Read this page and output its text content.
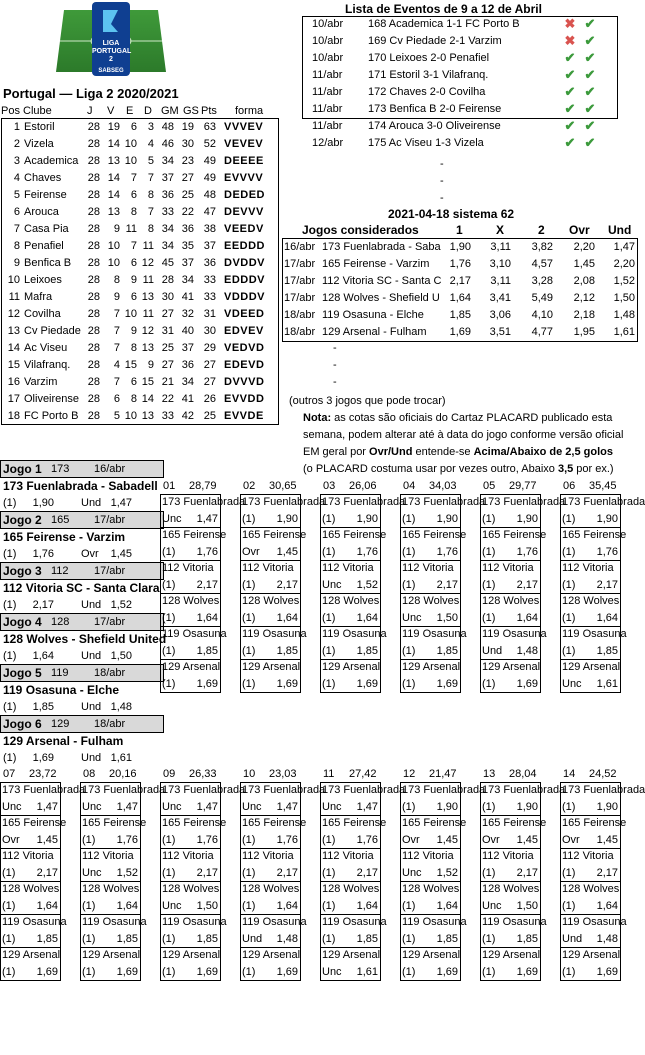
LIGA
PORTUGAL 2
SABSEG
Portugal — Liga 2 2020/2021
Pos Clube	J V E D GM GS Pts forma
1 Estoril	28 19 6 3 48 19 63 VVVEV
2 Vizela	28 14 10 4 46 30 52 VEVEV
3 Academica 28 13 10 5 34 23 49 DEEEE
4 Chaves	28 14 7 7 37 27 49 EVVVV
5 Feirense	28 14 6 8 36 25 48 DEDED
6 Arouca	28 13 8 7 33 22 47 DEVVV
7 Casa Pia	28	9 11 8 34 36 38 VEEDV
8 Penafiel	28 10 7 11 34 35 37 EEDDD
9 Benfica B	28 10 6 12 45 37 36 DVDDV
10 Leixoes	28	8 9 11 28 34 33 EDDDV
11 Mafra	28	9 6 13 30 41 33 VDDDV
12 Covilha	28	7 10 11 27 32 31 VDEED
13 Cv Piedade 28	7 9 12 31 40 30 EDVEV
14 Ac Viseu	28	7 8 13 25 37 29 VEDVD
15 Vilafranq.	28	4 15 9 27 36 27 EDEVD
16 Varzim	28	7 6 15 21 34 27 DVVVD
17 Oliveirense 28	6 8 14 22 41 26 EVVDD
18 FC Porto B 28	5 10 13 33 42 25 EVVDE
Lista de Eventos de 9 a 12 de Abril
10/abr 168 Academica 1-1 FC Porto B	✖ ✔
10/abr 169 Cv Piedade 2-1 Varzim	✖ ✔
10/abr 170 Leixoes 2-0 Penafiel	✔ ✔
11/abr 171 Estoril 3-1 Vilafranq.	✔ ✔
11/abr 172 Chaves 2-0 Covilha	✔ ✔
11/abr 173 Benfica B 2-0 Feirense	✔ ✔
11/abr 174 Arouca 3-0 Oliveirense	✔ ✔
12/abr 175 Ac Viseu 1-3 Vizela	✔ ✔
-
-
-
2021-04-18 sistema 62
Jogos considerados	1	X	2 Ovr Und
16/abr 173 Fuenlabrada - Saba 1,90	3,11	3,82	2,20	1,47
17/abr 165 Feirense - Varzim	1,76	3,10	4,57	1,45	2,20
17/abr 112 Vitoria SC - Santa C 2,17	3,11	3,28	2,08	1,52
17/abr 128 Wolves - Shefield U 1,64	3,41	5,49	2,12	1,50
18/abr 119 Osasuna - Elche	1,85	3,06	4,10	2,18	1,48
18/abr 129 Arsenal - Fulham	1,69	3,51	4,77	1,95	1,61
-
-
-
(outros 3 jogos que pode trocar)
Nota: as cotas são oficiais do Cartaz PLACARD publicado esta
semana, podem alterar até à data do jogo conforme versão oficial
EM geral por Ovr/Und entende-se Acima/Abaixo de 2,5 golos
(o PLACARD costuma usar por vezes outro, Abaixo 3,5 por ex.)
Jogo 1 173 16/abr
173 Fuenlabrada - Sabadell
(1)	1,90 Und 1,47
Jogo 2 165 17/abr
165 Feirense - Varzim
(1)	1,76 Ovr	1,45
Jogo 3 112 17/abr
112 Vitoria SC - Santa Clara
(1)	2,17 Und 1,52
Jogo 4 128 17/abr
128 Wolves - Shefield United
(1)	1,64 Und 1,50
Jogo 5 119 18/abr
119 Osasuna - Elche
(1)	1,85 Und 1,48
Jogo 6 129 18/abr
129 Arsenal - Fulham
(1)	1,69 Und 1,61
01 28,79
173 Fuenlabrada
Unc 1,47
165 Feirense
(1) 1,76
112 Vitoria
(1) 2,17
128 Wolves
(1) 1,64
119 Osasuna
(1) 1,85
129 Arsenal
(1) 1,69
02 30,65
173 Fuenlabrada
(1) 1,90
165 Feirense
Ovr 1,45
112 Vitoria
(1) 2,17
128 Wolves
(1) 1,64
119 Osasuna
(1) 1,85
129 Arsenal
(1) 1,69
03 26,06
173 Fuenlabrada
(1) 1,90
165 Feirense
(1) 1,76
112 Vitoria
Unc 1,52
128 Wolves
(1) 1,64
119 Osasuna
(1) 1,85
129 Arsenal
(1) 1,69
04 34,03
173 Fuenlabrada
(1) 1,90
165 Feirense
(1) 1,76
112 Vitoria
(1) 2,17
128 Wolves
Unc 1,50
119 Osasuna
(1) 1,85
129 Arsenal
(1) 1,69
05 29,77
173 Fuenlabrada
(1) 1,90
165 Feirense
(1) 1,76
112 Vitoria
(1) 2,17
128 Wolves
(1) 1,64
119 Osasuna
Und 1,48
129 Arsenal
(1) 1,69
06 35,45
173 Fuenlabrada
(1) 1,90
165 Feirense
(1) 1,76
112 Vitoria
(1) 2,17
128 Wolves
(1) 1,64
119 Osasuna
(1) 1,85
129 Arsenal
Unc 1,61
07 23,72
173 Fuenlabrada
Unc 1,47
165 Feirense
Ovr 1,45
112 Vitoria
(1) 2,17
128 Wolves
(1) 1,64
119 Osasuna
(1) 1,85
129 Arsenal
(1) 1,69
08 20,16
173 Fuenlabrada
Unc 1,47
165 Feirense
(1) 1,76
112 Vitoria
Unc 1,52
128 Wolves
(1) 1,64
119 Osasuna
(1) 1,85
129 Arsenal
(1) 1,69
09 26,33
173 Fuenlabrada
Unc 1,47
165 Feirense
(1) 1,76
112 Vitoria
(1) 2,17
128 Wolves
Unc 1,50
119 Osasuna
(1) 1,85
129 Arsenal
(1) 1,69
10 23,03
173 Fuenlabrada
Unc 1,47
165 Feirense
(1) 1,76
112 Vitoria
(1) 2,17
128 Wolves
(1) 1,64
119 Osasuna
Und 1,48
129 Arsenal
(1) 1,69
11 27,42
173 Fuenlabrada
Unc 1,47
165 Feirense
(1) 1,76
112 Vitoria
(1) 2,17
128 Wolves
(1) 1,64
119 Osasuna
(1) 1,85
129 Arsenal
Unc 1,61
12 21,47
173 Fuenlabrada
(1) 1,90
165 Feirense
Ovr 1,45
112 Vitoria
Unc 1,52
128 Wolves
(1) 1,64
119 Osasuna
(1) 1,85
129 Arsenal
(1) 1,69
13 28,04
173 Fuenlabrada
(1) 1,90
165 Feirense
Ovr 1,45
112 Vitoria
(1) 2,17
128 Wolves
Unc 1,50
119 Osasuna
(1) 1,85
129 Arsenal
(1) 1,69
14 24,52
173 Fuenlabrada
(1) 1,90
165 Feirense
Ovr 1,45
112 Vitoria
(1) 2,17
128 Wolves
(1) 1,64
119 Osasuna
Und 1,48
129 Arsenal
(1) 1,69
